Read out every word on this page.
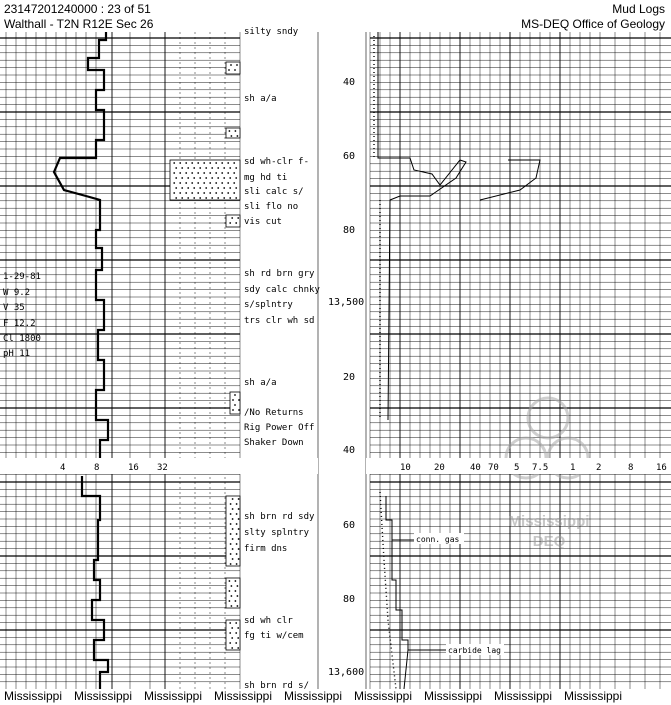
23147201240000 : 23 of 51
Walthall - T2N R12E Sec 26
Mud Logs
MS-DEQ Office of Geology
Mississippi
DEQ
1-29-81
W 9.2
V 35
F 12.2
Cl 1800
pH 11
silty sndy
sh a/a
sd wh-clr f-
mg hd ti
sli calc s/
sli flo no
vis cut
sh rd brn gry
sdy calc chnky
s/splntry
trs clr wh sd
sh a/a
/No Returns
Rig Power Off
Shaker Down
sh brn rd sdy
slty splntry
firm dns
sd wh clr
fg ti w/cem
sh brn rd s/
40
60
80
13,500
20
40
60
80
13,600
4	8	16 32	10	20	40 70 5 7.5 1 2	8	16
conn. gas
carbide lag
Mississippi Mississippi Mississippi Mississippi Mississippi Mississippi Mississippi Mississippi Mississippi
